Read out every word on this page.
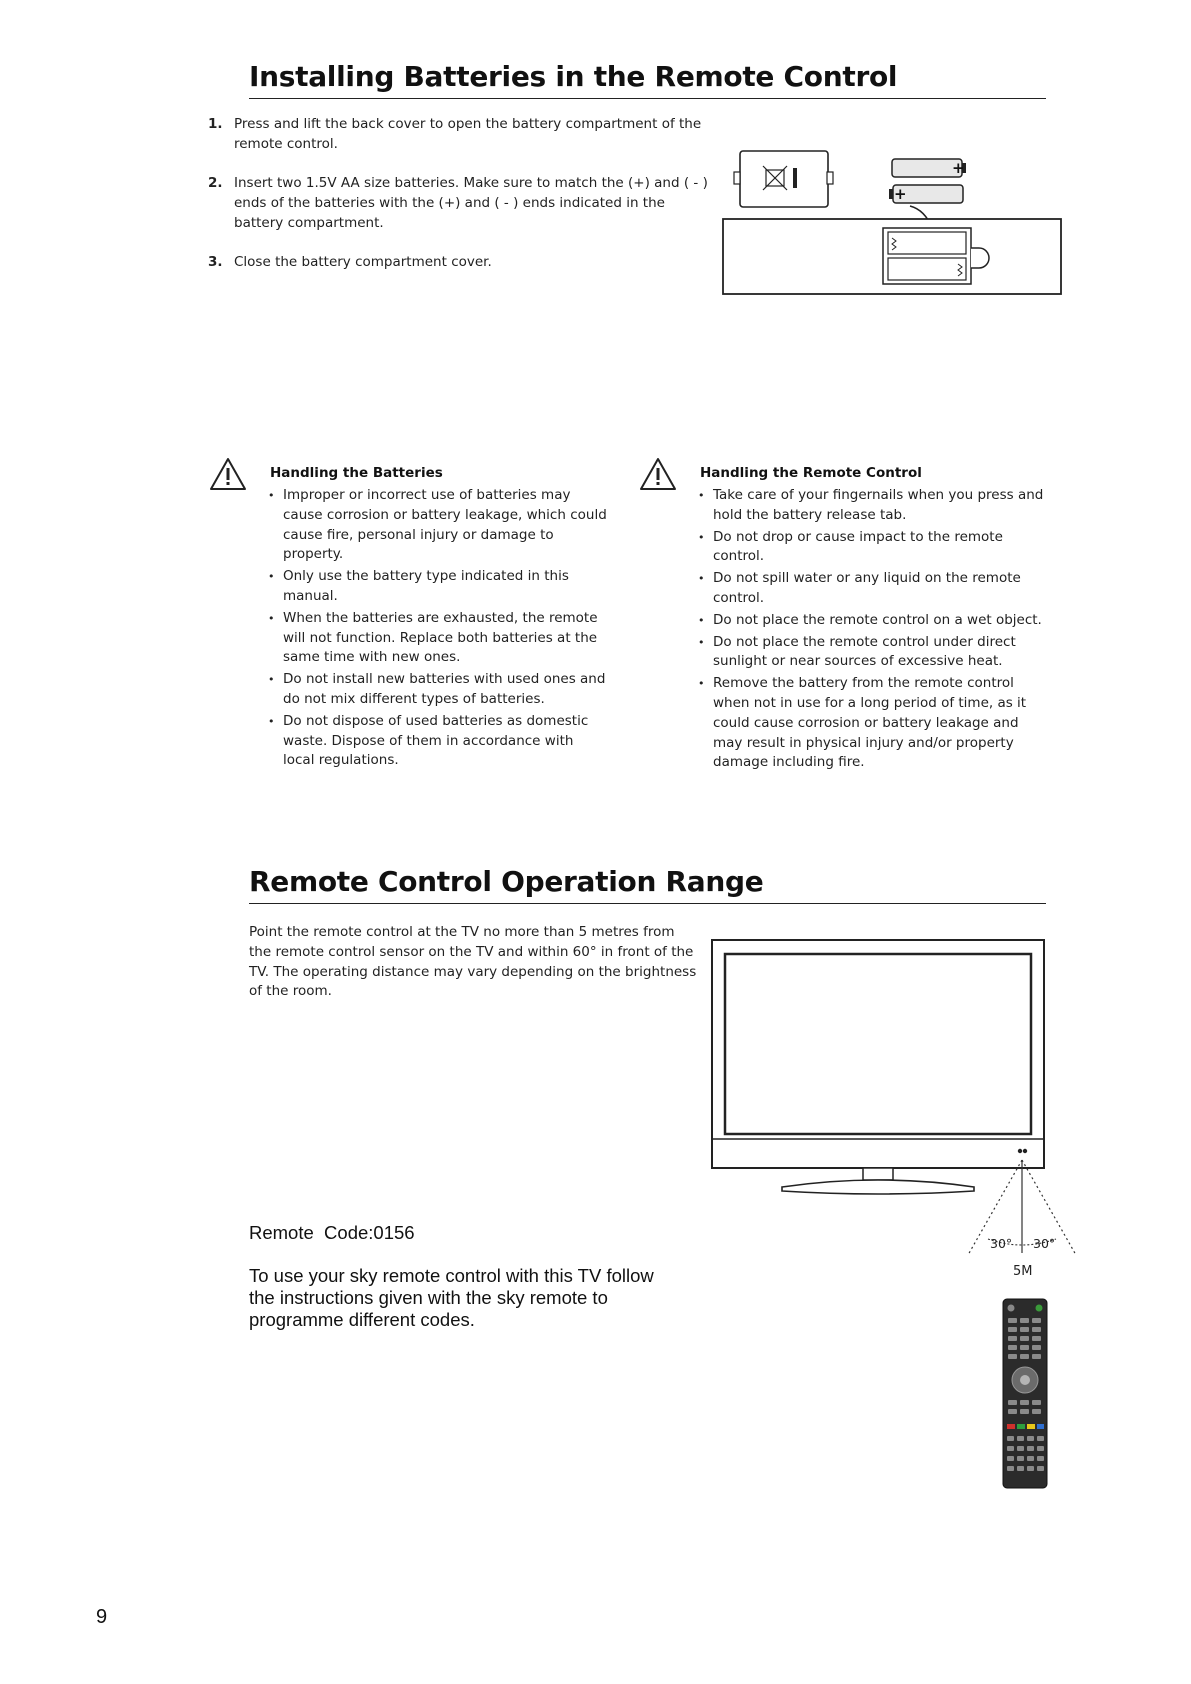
Installing Batteries in the Remote Control
1. Press and lift the back cover to open the battery compartment of the remote control.
2. Insert two 1.5V AA size batteries. Make sure to match the (+) and ( - ) ends of the batteries with the (+) and ( - ) ends indicated in the battery compartment.
3. Close the battery compartment cover.
+
+
Handling the Batteries
• Improper or incorrect use of batteries may cause corrosion or battery leakage, which could cause fire, personal injury or damage to property.
• Only use the battery type indicated in this manual.
• When the batteries are exhausted, the remote will not function. Replace both batteries at the same time with new ones.
• Do not install new batteries with used ones and do not mix different types of batteries.
• Do not dispose of used batteries as domestic waste. Dispose of them in accordance with local regulations.
Handling the Remote Control
• Take care of your fingernails when you press and hold the battery release tab.
• Do not drop or cause impact to the remote control.
• Do not spill water or any liquid on the remote control.
• Do not place the remote control on a wet object.
• Do not place the remote control under direct sunlight or near sources of excessive heat.
• Remove the battery from the remote control when not in use for a long period of time, as it could cause corrosion or battery leakage and may result in physical injury and/or property damage including fire.
Remote Control Operation Range

Point the remote control at the TV no more than 5 metres from the remote control sensor on the TV and within 60° in front of the TV. The operating distance may vary depending on the brightness of the room.

30° 30°
5M
Remote  Code:0156

To use your sky remote control with this TV follow the instructions given with the sky remote to programme different codes.

9
